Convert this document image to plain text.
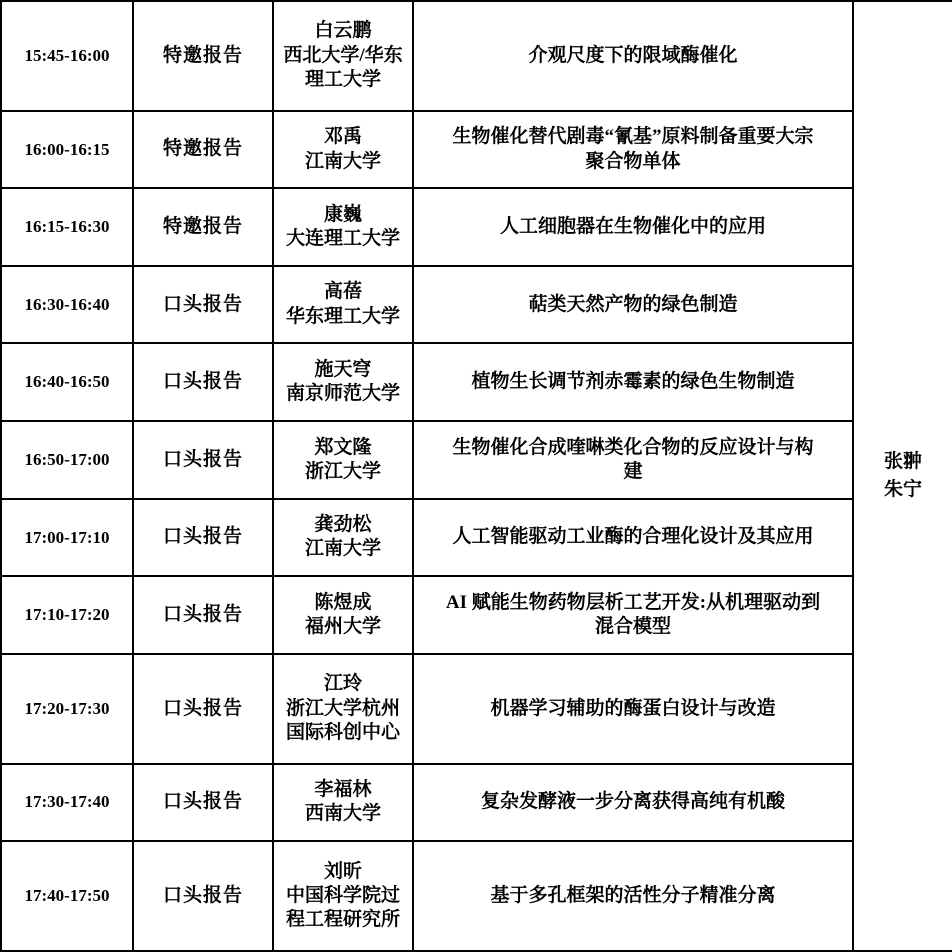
15:45-16:00	特邀报告	白云鹏
西北大学/华东
理工大学	介观尺度下的限域酶催化	张翀
朱宁

16:00-16:15	特邀报告	邓禹
江南大学	生物催化替代剧毒“氰基”原料制备重要大宗
聚合物单体	

16:15-16:30	特邀报告	康巍
大连理工大学	人工细胞器在生物催化中的应用	

16:30-16:40	口头报告	高蓓
华东理工大学	萜类天然产物的绿色制造	

16:40-16:50	口头报告	施天穹
南京师范大学	植物生长调节剂赤霉素的绿色生物制造	

16:50-17:00	口头报告	郑文隆
浙江大学	生物催化合成喹啉类化合物的反应设计与构
建	

17:00-17:10	口头报告	龚劲松
江南大学	人工智能驱动工业酶的合理化设计及其应用	

17:10-17:20	口头报告	陈煜成
福州大学	AI 赋能生物药物层析工艺开发:从机理驱动到
混合模型	

17:20-17:30	口头报告	江玲
浙江大学杭州
国际科创中心	机器学习辅助的酶蛋白设计与改造	

17:30-17:40	口头报告	李福林
西南大学	复杂发酵液一步分离获得高纯有机酸	

17:40-17:50	口头报告	刘昕
中国科学院过
程工程研究所	基于多孔框架的活性分子精准分离	
